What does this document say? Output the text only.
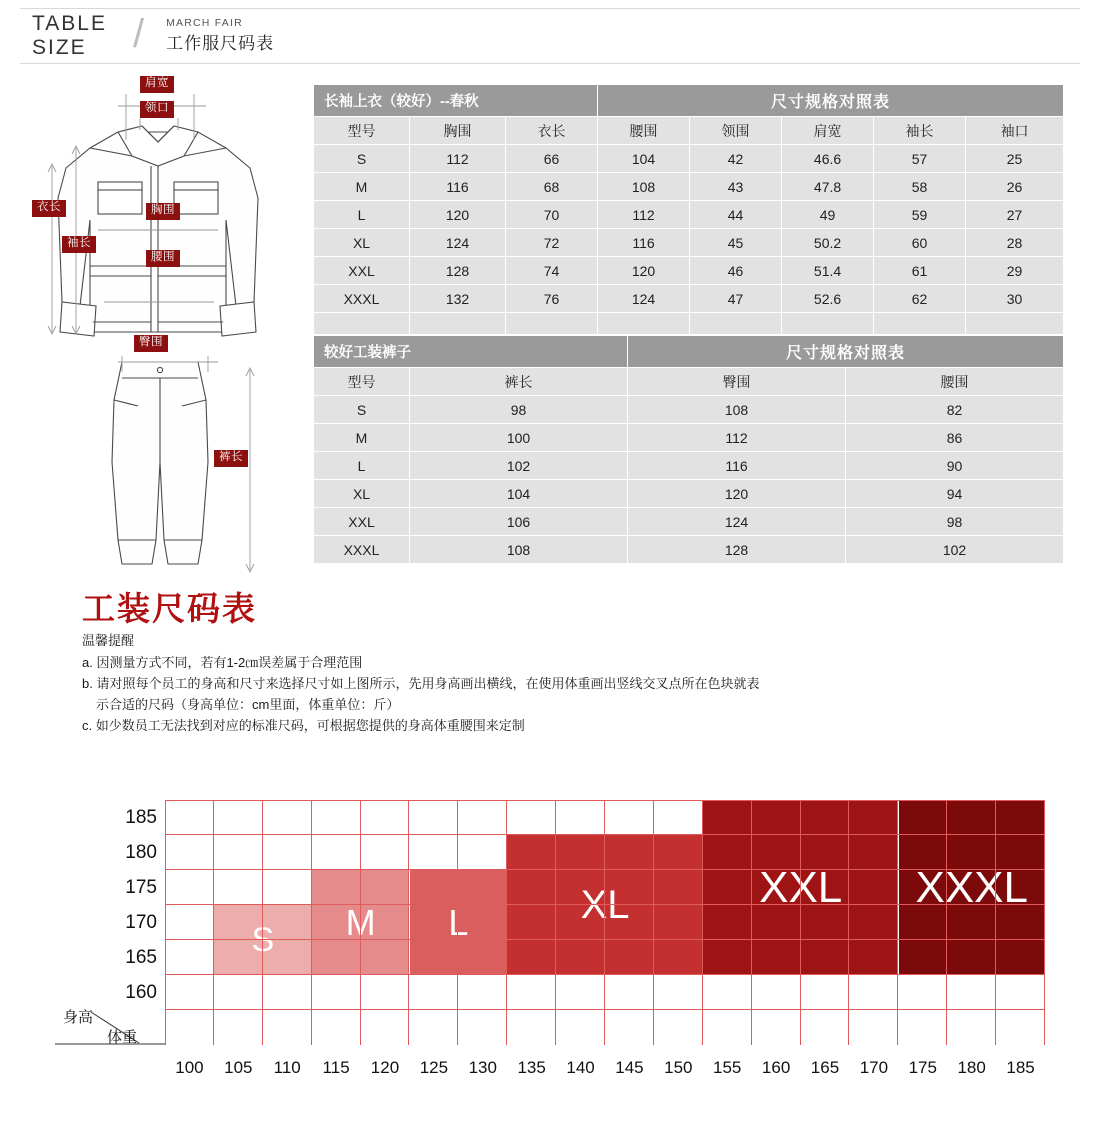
TABLE
SIZE	/ MARCH FAIR
工作服尺码表
肩宽
领口
胸围
衣长
袖长
腰围
臀围
裤长
长袖上衣（较好）--春秋			尺寸规格对照表				
型号	胸围	衣长	腰围	领围	肩宽	袖长	袖口
S	112	66	104	42	46.6	57	25
M	116	68	108	43	47.8	58	26
L	120	70	112	44	49	59	27
XL	124	72	116	45	50.2	60	28
XXL	128	74	120	46	51.4	61	29
XXXL	132	76	124	47	52.6	62	30

较好工装裤子		尺寸规格对照表	
型号	裤长	臀围	腰围
S	98	108	82
M	100	112	86
L	102	116	90
XL	104	120	94
XXL	106	124	98
XXXL	108	128	102
工装尺码表
温馨提醒
a. 因测量方式不同，若有1-2㎝误差属于合理范围
b. 请对照每个员工的身高和尺寸来选择尺寸如上图所示，先用身高画出横线，在使用体重画出竖线交叉点所在色块就表
示合适的尺码（身高单位：cm里面，体重单位：斤）
c. 如少数员工无法找到对应的标准尺码，可根据您提供的身高体重腰围来定制
185
180
175
170
165
160
身高
体重
S	M	L	XL	XXL	XXXL
100	105	110	115	120	125	130	135	140	145	150	155	160	165	170	175	180	185
